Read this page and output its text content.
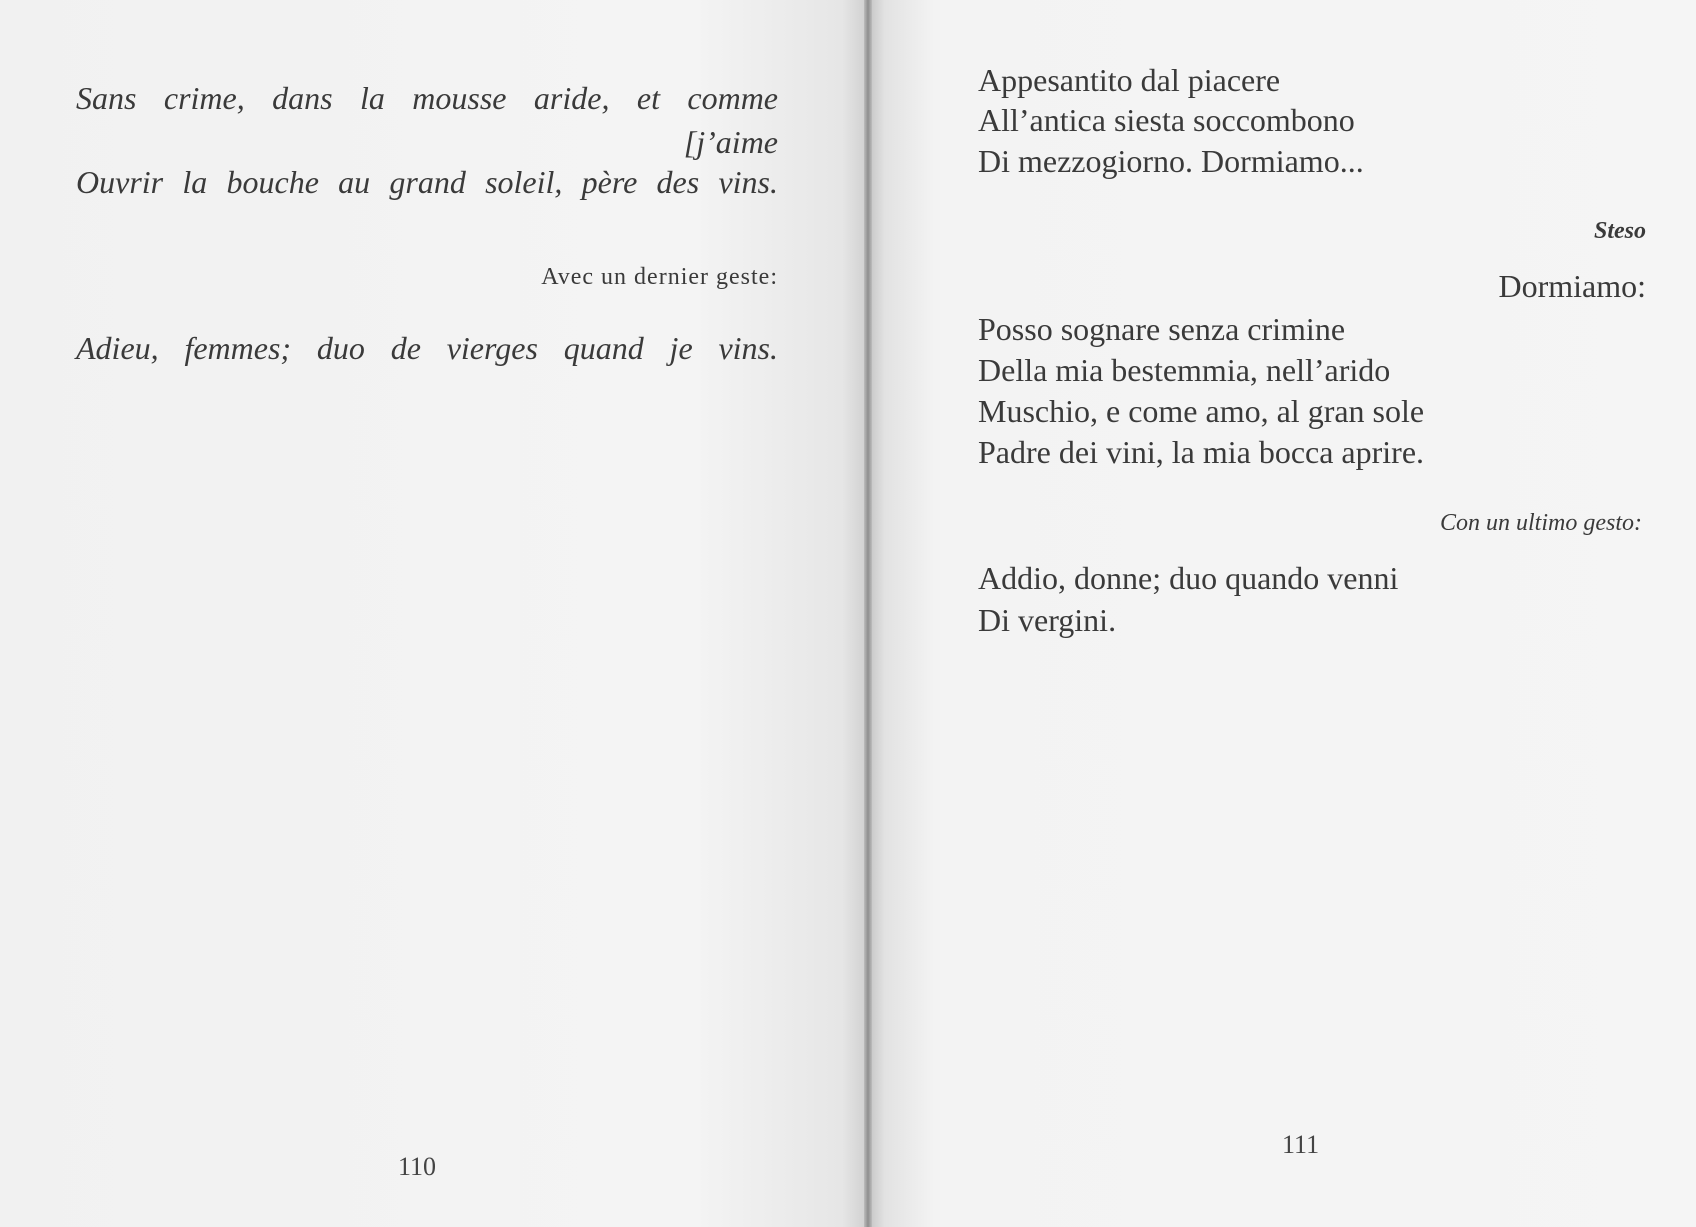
Sans crime, dans la mousse aride, et comme
[j’aime
Ouvrir la bouche au grand soleil, père des vins.
Avec un dernier geste:
Adieu, femmes; duo de vierges quand je vins.
110
Appesantito dal piacere
All’antica siesta soccombono
Di mezzogiorno. Dormiamo...
Steso
Dormiamo:
Posso sognare senza crimine
Della mia bestemmia, nell’arido
Muschio, e come amo, al gran sole
Padre dei vini, la mia bocca aprire.
Con un ultimo gesto:
Addio, donne; duo quando venni
Di vergini.
111
